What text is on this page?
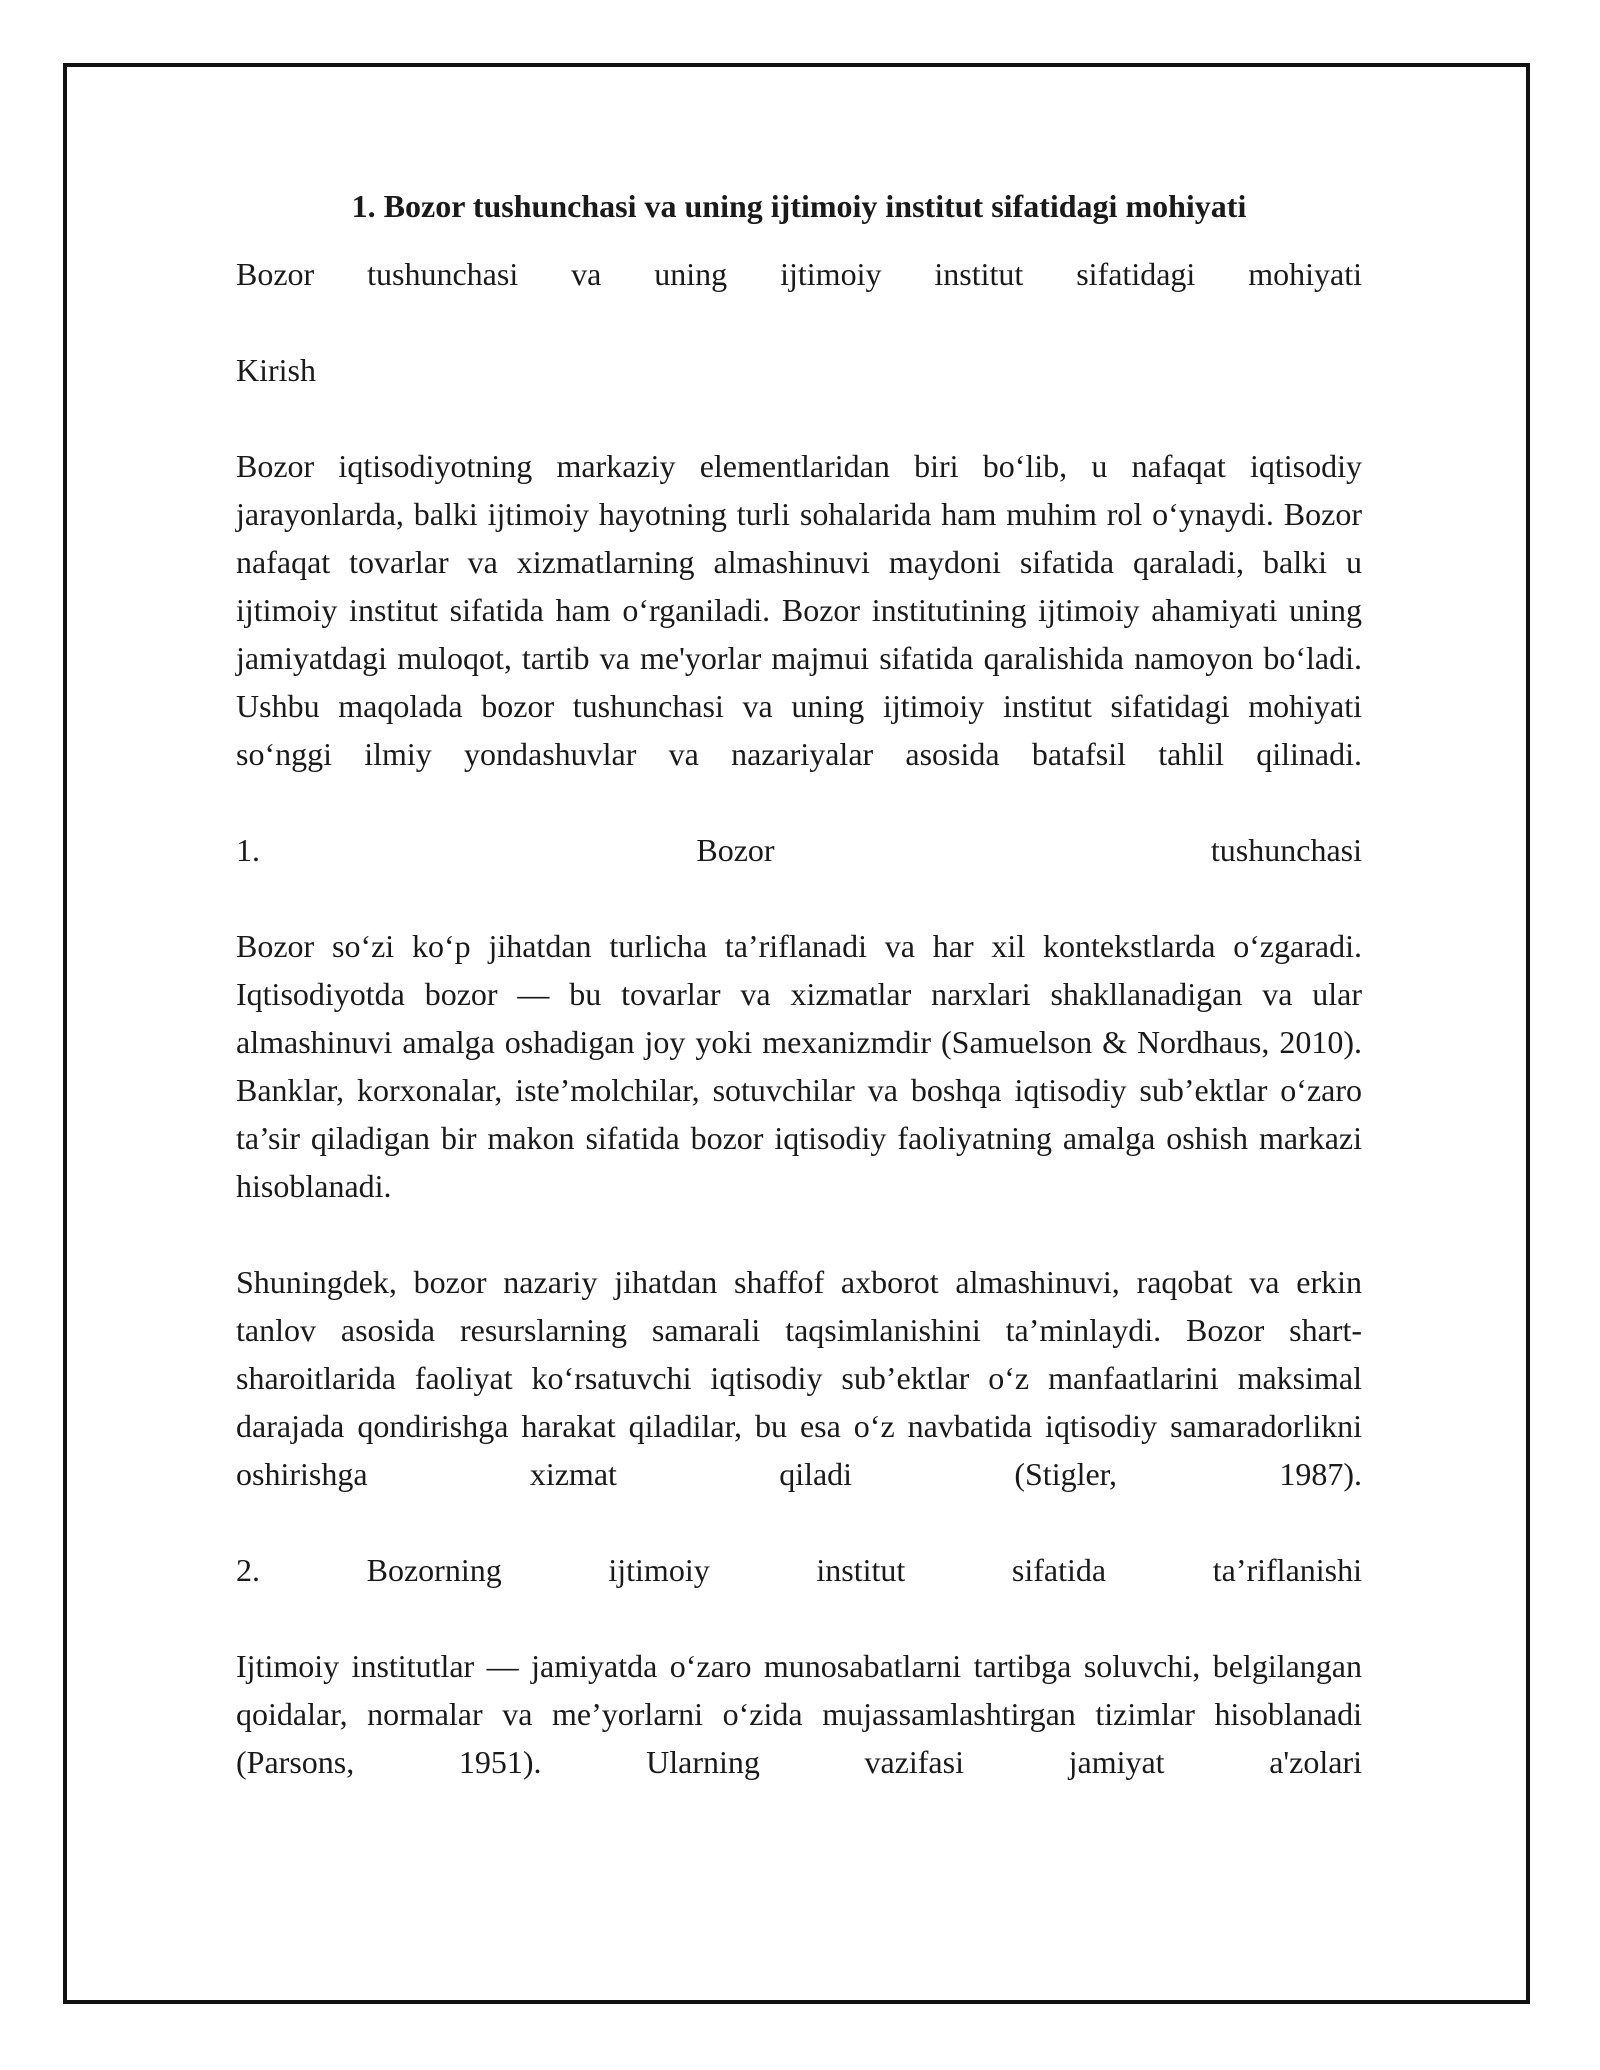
1. Bozor tushunchasi va uning ijtimoiy institut sifatidagi mohiyati

Bozor tushunchasi va uning ijtimoiy institut sifatidagi mohiyati

Kirish

Bozor iqtisodiyotning markaziy elementlaridan biri bo‘lib, u nafaqat iqtisodiy jarayonlarda, balki ijtimoiy hayotning turli sohalarida ham muhim rol o‘ynaydi. Bozor nafaqat tovarlar va xizmatlarning almashinuvi maydoni sifatida qaraladi, balki u ijtimoiy institut sifatida ham o‘rganiladi. Bozor institutining ijtimoiy ahamiyati uning jamiyatdagi muloqot, tartib va me'yorlar majmui sifatida qaralishida namoyon bo‘ladi. Ushbu maqolada bozor tushunchasi va uning ijtimoiy institut sifatidagi mohiyati so‘nggi ilmiy yondashuvlar va nazariyalar asosida batafsil tahlil qilinadi.

1. Bozor tushunchasi

Bozor so‘zi ko‘p jihatdan turlicha ta’riflanadi va har xil kontekstlarda o‘zgaradi. Iqtisodiyotda bozor — bu tovarlar va xizmatlar narxlari shakllanadigan va ular almashinuvi amalga oshadigan joy yoki mexanizmdir (Samuelson & Nordhaus, 2010). Banklar, korxonalar, iste’molchilar, sotuvchilar va boshqa iqtisodiy sub’ektlar o‘zaro ta’sir qiladigan bir makon sifatida bozor iqtisodiy faoliyatning amalga oshish markazi hisoblanadi.

Shuningdek, bozor nazariy jihatdan shaffof axborot almashinuvi, raqobat va erkin tanlov asosida resurslarning samarali taqsimlanishini ta’minlaydi. Bozor shart-sharoitlarida faoliyat ko‘rsatuvchi iqtisodiy sub’ektlar o‘z manfaatlarini maksimal darajada qondirishga harakat qiladilar, bu esa o‘z navbatida iqtisodiy samaradorlikni oshirishga xizmat qiladi (Stigler, 1987).

2. Bozorning ijtimoiy institut sifatida ta’riflanishi

Ijtimoiy institutlar — jamiyatda o‘zaro munosabatlarni tartibga soluvchi, belgilangan qoidalar, normalar va me’yorlarni o‘zida mujassamlashtirgan tizimlar hisoblanadi (Parsons, 1951). Ularning vazifasi jamiyat a'zolari
